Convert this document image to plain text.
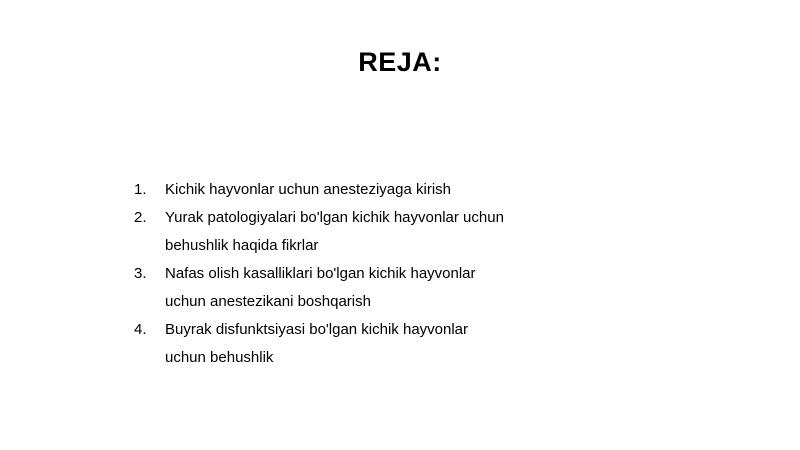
REJA:
1.	Kichik hayvonlar uchun anesteziyaga kirish
2.	Yurak patologiyalari bo'lgan kichik hayvonlar uchun
behushlik haqida fikrlar
3.	Nafas olish kasalliklari bo'lgan kichik hayvonlar
uchun anestezikani boshqarish
4.	Buyrak disfunktsiyasi bo'lgan kichik hayvonlar
uchun behushlik
